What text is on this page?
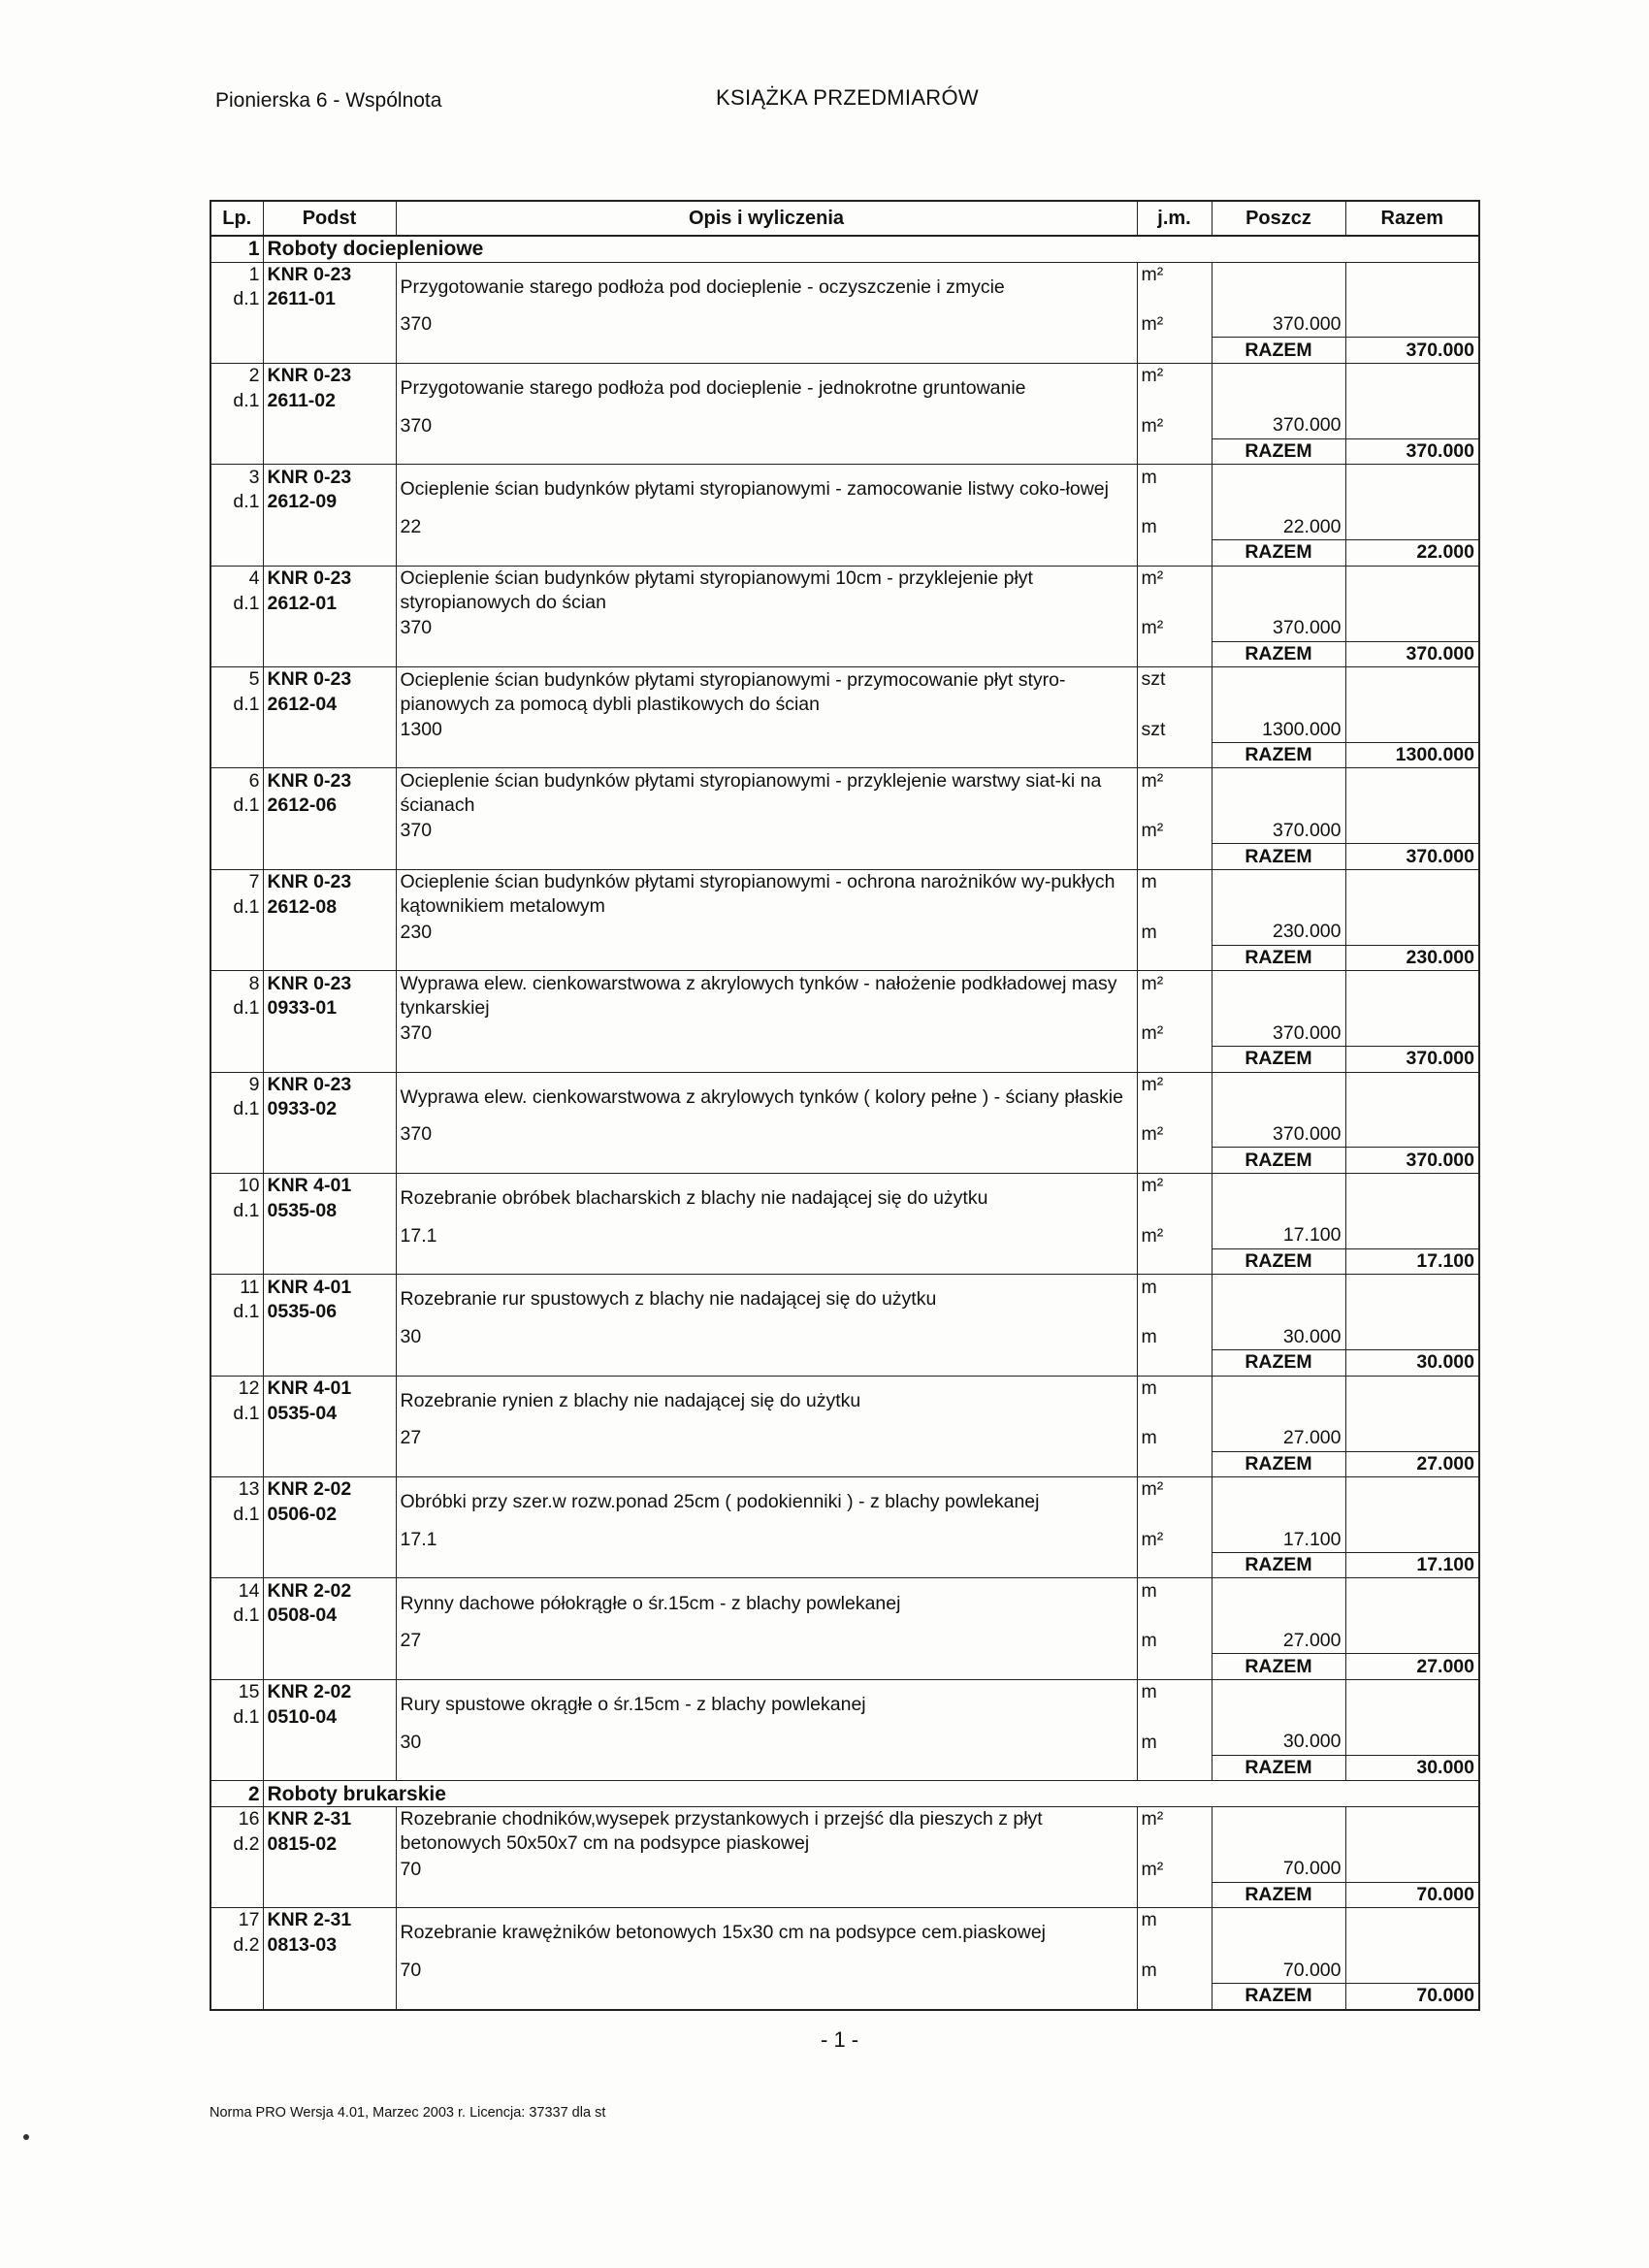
Pionierska 6 - Wspólnota	KSIĄŻKA PRZEDMIARÓW
Lp.	Podst	Opis i wyliczenia	j.m.	Poszcz	Razem
1	Roboty dociepleniowe				
1	KNR 0-23	Przygotowanie starego podłoża pod docieplenie - oczyszczenie i zmycie	m²		
d.1	2611-01				
		370	m²	370.000	
				RAZEM	370.000
2	KNR 0-23	Przygotowanie starego podłoża pod docieplenie - jednokrotne gruntowanie	m²		
d.1	2611-02				
		370	m²	370.000	
				RAZEM	370.000
3	KNR 0-23	Ocieplenie ścian budynków płytami styropianowymi - zamocowanie listwy coko-łowej	m		
d.1	2612-09				
		22	m	22.000	
				RAZEM	22.000
4	KNR 0-23	Ocieplenie ścian budynków płytami styropianowymi 10cm - przyklejenie płyt styropianowych do ścian	m²		
d.1	2612-01				
		370	m²	370.000	
				RAZEM	370.000
5	KNR 0-23	Ocieplenie ścian budynków płytami styropianowymi - przymocowanie płyt styro-pianowych za pomocą dybli plastikowych do ścian	szt		
d.1	2612-04				
		1300	szt	1300.000	
				RAZEM	1300.000
6	KNR 0-23	Ocieplenie ścian budynków płytami styropianowymi - przyklejenie warstwy siat-ki na ścianach	m²		
d.1	2612-06				
		370	m²	370.000	
				RAZEM	370.000
7	KNR 0-23	Ocieplenie ścian budynków płytami styropianowymi - ochrona narożników wy-pukłych kątownikiem metalowym	m		
d.1	2612-08				
		230	m	230.000	
				RAZEM	230.000
8	KNR 0-23	Wyprawa elew. cienkowarstwowa z akrylowych tynków - nałożenie podkładowej masy tynkarskiej	m²		
d.1	0933-01				
		370	m²	370.000	
				RAZEM	370.000
9	KNR 0-23	Wyprawa elew. cienkowarstwowa z akrylowych tynków ( kolory pełne ) - ściany płaskie	m²		
d.1	0933-02				
		370	m²	370.000	
				RAZEM	370.000
10	KNR 4-01	Rozebranie obróbek blacharskich z blachy nie nadającej się do użytku	m²		
d.1	0535-08				
		17.1	m²	17.100	
				RAZEM	17.100
11	KNR 4-01	Rozebranie rur spustowych z blachy nie nadającej się do użytku	m		
d.1	0535-06				
		30	m	30.000	
				RAZEM	30.000
12	KNR 4-01	Rozebranie rynien z blachy nie nadającej się do użytku	m		
d.1	0535-04				
		27	m	27.000	
				RAZEM	27.000
13	KNR 2-02	Obróbki przy szer.w rozw.ponad 25cm ( podokienniki ) - z blachy powlekanej	m²		
d.1	0506-02				
		17.1	m²	17.100	
				RAZEM	17.100
14	KNR 2-02	Rynny dachowe półokrągłe o śr.15cm - z blachy powlekanej	m		
d.1	0508-04				
		27	m	27.000	
				RAZEM	27.000
15	KNR 2-02	Rury spustowe okrągłe o śr.15cm - z blachy powlekanej	m		
d.1	0510-04				
		30	m	30.000	
				RAZEM	30.000
2	Roboty brukarskie				
16	KNR 2-31	Rozebranie chodników,wysepek przystankowych i przejść dla pieszych z płyt betonowych 50x50x7 cm na podsypce piaskowej	m²		
d.2	0815-02				
		70	m²	70.000	
				RAZEM	70.000
17	KNR 2-31	Rozebranie krawężników betonowych 15x30 cm na podsypce cem.piaskowej	m		
d.2	0813-03				
		70	m	70.000	
				RAZEM	70.000
- 1 -
Norma PRO Wersja 4.01, Marzec 2003 r. Licencja: 37337 dla st
